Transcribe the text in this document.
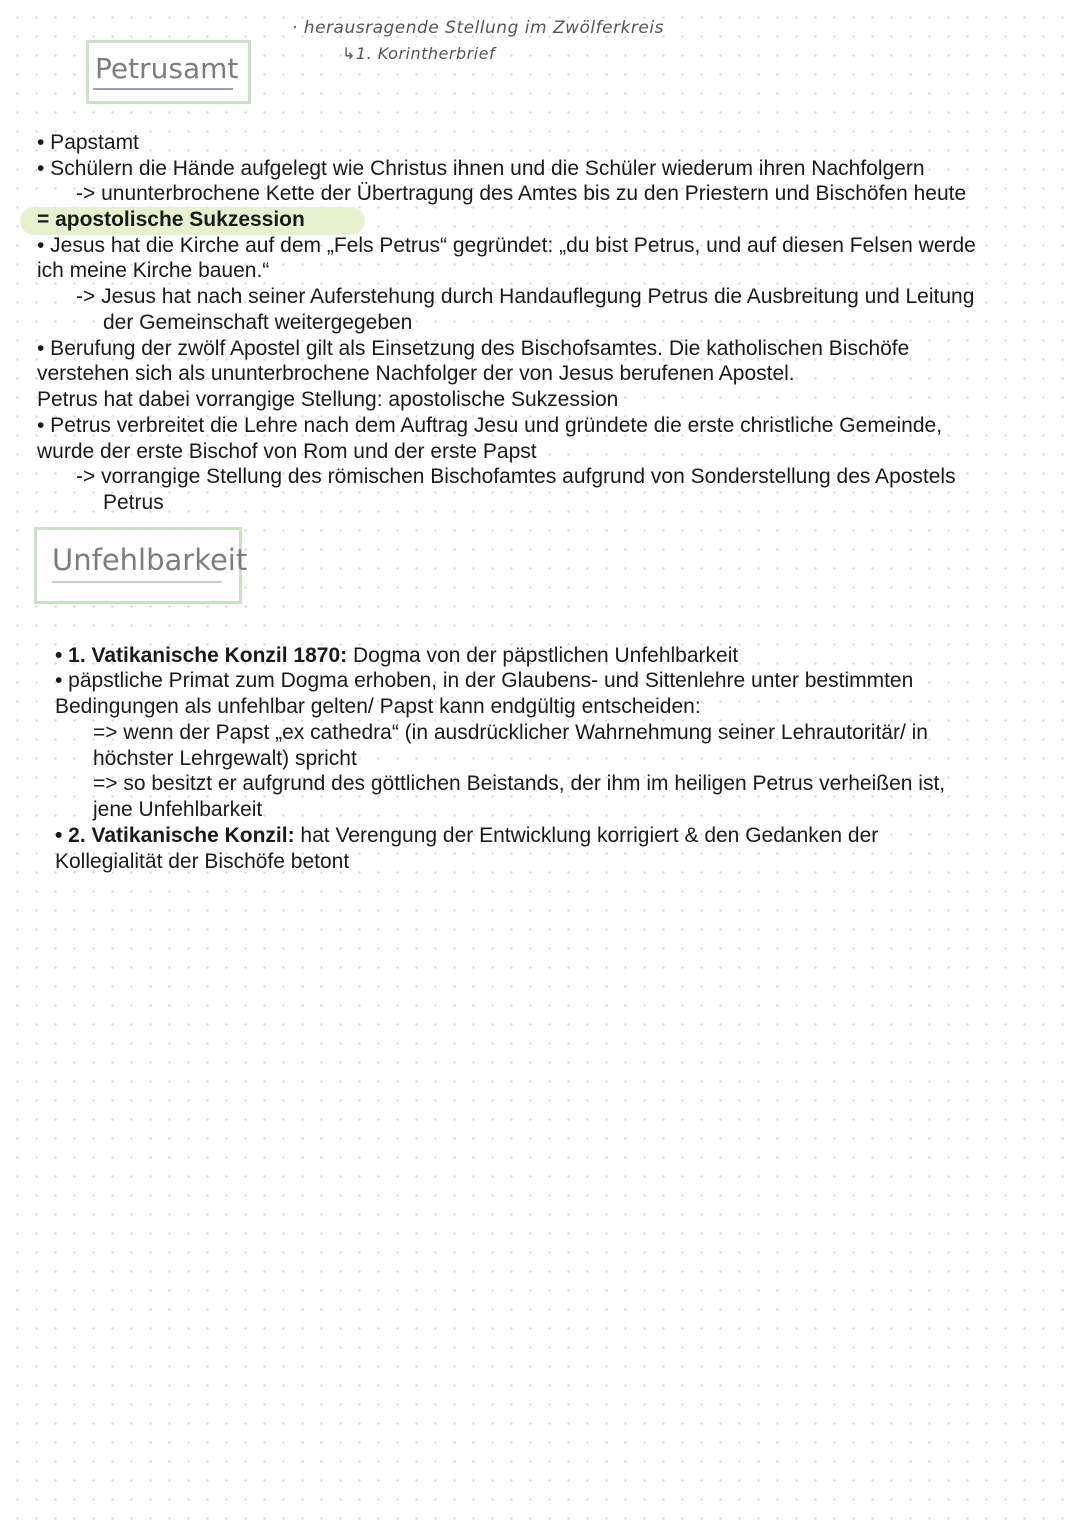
· herausragende Stellung im Zwölferkreis
↳1. Korintherbrief
Petrusamt
• Papstamt
• Schülern die Hände aufgelegt wie Christus ihnen und die Schüler wiederum ihren Nachfolgern
-> ununterbrochene Kette der Übertragung des Amtes bis zu den Priestern und Bischöfen heute
= apostolische Sukzession
• Jesus hat die Kirche auf dem „Fels Petrus“ gegründet: „du bist Petrus, und auf diesen Felsen werde
ich meine Kirche bauen.“
-> Jesus hat nach seiner Auferstehung durch Handauflegung Petrus die Ausbreitung und Leitung
der Gemeinschaft weitergegeben
• Berufung der zwölf Apostel gilt als Einsetzung des Bischofsamtes. Die katholischen Bischöfe
verstehen sich als ununterbrochene Nachfolger der von Jesus berufenen Apostel.
Petrus hat dabei vorrangige Stellung: apostolische Sukzession
• Petrus verbreitet die Lehre nach dem Auftrag Jesu und gründete die erste christliche Gemeinde,
wurde der erste Bischof von Rom und der erste Papst
-> vorrangige Stellung des römischen Bischofamtes aufgrund von Sonderstellung des Apostels
Petrus
Unfehlbarkeit
• 1. Vatikanische Konzil 1870: Dogma von der päpstlichen Unfehlbarkeit
• päpstliche Primat zum Dogma erhoben, in der Glaubens- und Sittenlehre unter bestimmten
Bedingungen als unfehlbar gelten/ Papst kann endgültig entscheiden:
=> wenn der Papst „ex cathedra“ (in ausdrücklicher Wahrnehmung seiner Lehrautoritär/ in
höchster Lehrgewalt) spricht
=> so besitzt er aufgrund des göttlichen Beistands, der ihm im heiligen Petrus verheißen ist,
jene Unfehlbarkeit
• 2. Vatikanische Konzil: hat Verengung der Entwicklung korrigiert & den Gedanken der
Kollegialität der Bischöfe betont
